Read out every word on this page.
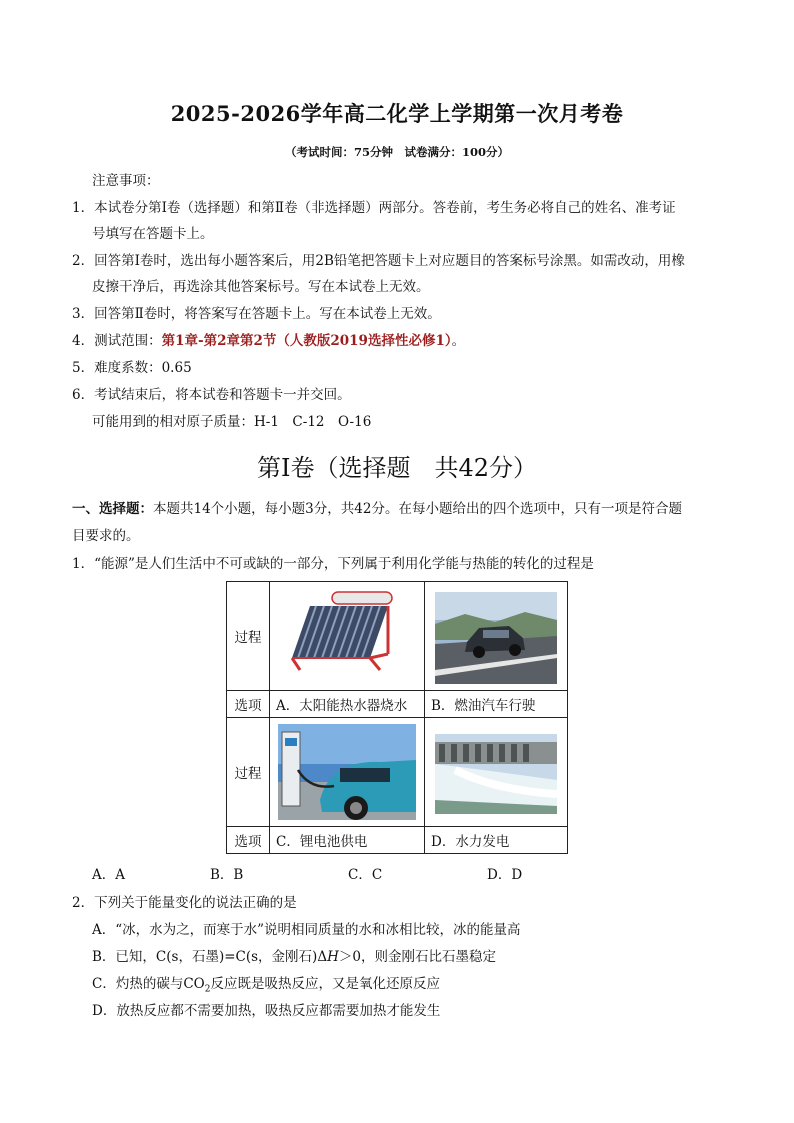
2025-2026学年高二化学上学期第一次月考卷
（考试时间：75分钟　试卷满分：100分）
注意事项：
1．本试卷分第Ⅰ卷（选择题）和第Ⅱ卷（非选择题）两部分。答卷前，考生务必将自己的姓名、准考证
号填写在答题卡上。
2．回答第Ⅰ卷时，选出每小题答案后，用2B铅笔把答题卡上对应题目的答案标号涂黑。如需改动，用橡
皮擦干净后，再选涂其他答案标号。写在本试卷上无效。
3．回答第Ⅱ卷时，将答案写在答题卡上。写在本试卷上无效。
4．测试范围：第1章-第2章第2节（人教版2019选择性必修1）。
5．难度系数：0.65
6．考试结束后，将本试卷和答题卡一并交回。
可能用到的相对原子质量：H-1　C-12　O-16
第Ⅰ卷（选择题　共42分）
一、选择题：本题共14个小题，每小题3分，共42分。在每小题给出的四个选项中，只有一项是符合题
目要求的。
1．“能源”是人们生活中不可或缺的一部分，下列属于利用化学能与热能的转化的过程是
过程	

选项	A．太阳能热水器烧水	B．燃油汽车行驶
过程	

选项	C．锂电池供电	D．水力发电
A．A	B．B	C．C	D．D
2．下列关于能量变化的说法正确的是
A．“冰，水为之，而寒于水”说明相同质量的水和冰相比较，冰的能量高
B．已知，C(s，石墨)=C(s，金刚石)ΔH＞0，则金刚石比石墨稳定
C．灼热的碳与$CO_2$反应既是吸热反应，又是氧化还原反应
D．放热反应都不需要加热，吸热反应都需要加热才能发生
